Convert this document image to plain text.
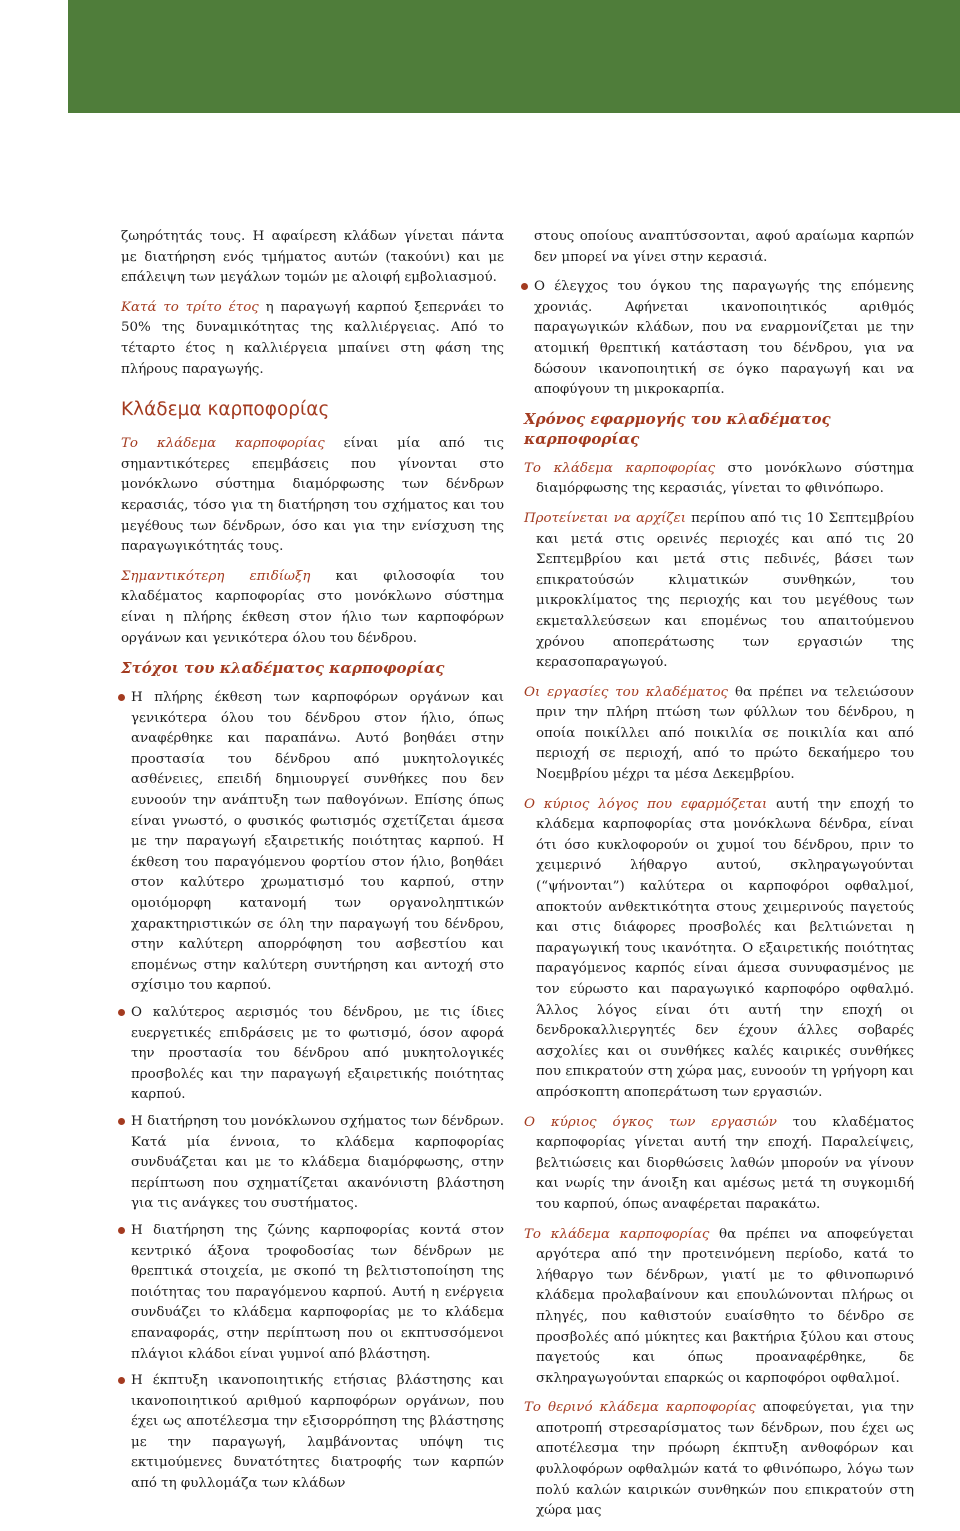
ζωηρότητάς τους. Η αφαίρεση κλάδων γίνεται πάντα με διατήρηση ενός τμήματος αυτών (τακούνι) και με επάλειψη των μεγάλων τομών με αλοιφή εμβολιασμού.

Κατά το τρίτο έτος η παραγωγή καρπού ξεπερνάει το 50% της δυναμικότητας της καλλιέργειας. Από το τέταρτο έτος η καλλιέργεια μπαίνει στη φάση της πλήρους παραγωγής.

Κλάδεμα καρποφορίας

Το κλάδεμα καρποφορίας είναι μία από τις σημαντικότερες επεμβάσεις που γίνονται στο μονόκλωνο σύστημα διαμόρφωσης των δένδρων κερασιάς, τόσο για τη διατήρηση του σχήματος και του μεγέθους των δένδρων, όσο και για την ενίσχυση της παραγωγικότητάς τους.

Σημαντικότερη επιδίωξη και φιλοσοφία του κλαδέματος καρποφορίας στο μονόκλωνο σύστημα είναι η πλήρης έκθεση στον ήλιο των καρποφόρων οργάνων και γενικότερα όλου του δένδρου.

Στόχοι του κλαδέματος καρποφορίας

Η πλήρης έκθεση των καρποφόρων οργάνων και γενικότερα όλου του δένδρου στον ήλιο, όπως αναφέρθηκε και παραπάνω. Αυτό βοηθάει στην προστασία του δένδρου από μυκητολογικές ασθένειες, επειδή δημιουργεί συνθήκες που δεν ευνοούν την ανάπτυξη των παθογόνων. Επίσης όπως είναι γνωστό, ο φυσικός φωτισμός σχετίζεται άμεσα με την παραγωγή εξαιρετικής ποιότητας καρπού. Η έκθεση του παραγόμενου φορτίου στον ήλιο, βοηθάει στον καλύτερο χρωματισμό του καρπού, στην ομοιόμορφη κατανομή των οργανοληπτικών χαρακτηριστικών σε όλη την παραγωγή του δένδρου, στην καλύτερη απορρόφηση του ασβεστίου και επομένως στην καλύτερη συντήρηση και αντοχή στο σχίσιμο του καρπού.

Ο καλύτερος αερισμός του δένδρου, με τις ίδιες ευεργετικές επιδράσεις με το φωτισμό, όσον αφορά την προστασία του δένδρου από μυκητολογικές προσβολές και την παραγωγή εξαιρετικής ποιότητας καρπού.

Η διατήρηση του μονόκλωνου σχήματος των δένδρων. Κατά μία έννοια, το κλάδεμα καρποφορίας συνδυάζεται και με το κλάδεμα διαμόρφωσης, στην περίπτωση που σχηματίζεται ακανόνιστη βλάστηση για τις ανάγκες του συστήματος.

Η διατήρηση της ζώνης καρποφορίας κοντά στον κεντρικό άξονα τροφοδοσίας των δένδρων με θρεπτικά στοιχεία, με σκοπό τη βελτιστοποίηση της ποιότητας του παραγόμενου καρπού. Αυτή η ενέργεια συνδυάζει το κλάδεμα καρποφορίας με το κλάδεμα επαναφοράς, στην περίπτωση που οι εκπτυσσόμενοι πλάγιοι κλάδοι είναι γυμνοί από βλάστηση.

Η έκπτυξη ικανοποιητικής ετήσιας βλάστησης και ικανοποιητικού αριθμού καρποφόρων οργάνων, που έχει ως αποτέλεσμα την εξισορρόπηση της βλάστησης με την παραγωγή, λαμβάνοντας υπόψη τις εκτιμούμενες δυνατότητες διατροφής των καρπών από τη φυλλομάζα των κλάδων

στους οποίους αναπτύσσονται, αφού αραίωμα καρπών δεν μπορεί να γίνει στην κερασιά.

Ο έλεγχος του όγκου της παραγωγής της επόμενης χρονιάς. Αφήνεται ικανοποιητικός αριθμός παραγωγικών κλάδων, που να εναρμονίζεται με την ατομική θρεπτική κατάσταση του δένδρου, για να δώσουν ικανοποιητική σε όγκο παραγωγή και να αποφύγουν τη μικροκαρπία.

Χρόνος εφαρμογής του κλαδέματος καρποφορίας

Το κλάδεμα καρποφορίας στο μονόκλωνο σύστημα διαμόρφωσης της κερασιάς, γίνεται το φθινόπωρο.

Προτείνεται να αρχίζει περίπου από τις 10 Σεπτεμβρίου και μετά στις ορεινές περιοχές και από τις 20 Σεπτεμβρίου και μετά στις πεδινές, βάσει των επικρατούσών κλιματικών συνθηκών, του μικροκλίματος της περιοχής και του μεγέθους των εκμεταλλεύσεων και επομένως του απαιτούμενου χρόνου αποπεράτωσης των εργασιών της κερασοπαραγωγού.

Οι εργασίες του κλαδέματος θα πρέπει να τελειώσουν πριν την πλήρη πτώση των φύλλων του δένδρου, η οποία ποικίλλει από ποικιλία σε ποικιλία και από περιοχή σε περιοχή, από το πρώτο δεκαήμερο του Νοεμβρίου μέχρι τα μέσα Δεκεμβρίου.

Ο κύριος λόγος που εφαρμόζεται αυτή την εποχή το κλάδεμα καρποφορίας στα μονόκλωνα δένδρα, είναι ότι όσο κυκλοφορούν οι χυμοί του δένδρου, πριν το χειμερινό λήθαργο αυτού, σκληραγωγούνται (“ψήνονται”) καλύτερα οι καρποφόροι οφθαλμοί, αποκτούν ανθεκτικότητα στους χειμερινούς παγετούς και στις διάφορες προσβολές και βελτιώνεται η παραγωγική τους ικανότητα. Ο εξαιρετικής ποιότητας παραγόμενος καρπός είναι άμεσα συνυφασμένος με τον εύρωστο και παραγωγικό καρποφόρο οφθαλμό. Άλλος λόγος είναι ότι αυτή την εποχή οι δενδροκαλλιεργητές δεν έχουν άλλες σοβαρές ασχολίες και οι συνθήκες καλές καιρικές συνθήκες που επικρατούν στη χώρα μας, ευνοούν τη γρήγορη και απρόσκοπτη αποπεράτωση των εργασιών.

Ο κύριος όγκος των εργασιών του κλαδέματος καρποφορίας γίνεται αυτή την εποχή. Παραλείψεις, βελτιώσεις και διορθώσεις λαθών μπορούν να γίνουν και νωρίς την άνοιξη και αμέσως μετά τη συγκομιδή του καρπού, όπως αναφέρεται παρακάτω.

Το κλάδεμα καρποφορίας θα πρέπει να αποφεύγεται αργότερα από την προτεινόμενη περίοδο, κατά το λήθαργο των δένδρων, γιατί με το φθινοπωρινό κλάδεμα προλαβαίνουν και επουλώνονται πλήρως οι πληγές, που καθιστούν ευαίσθητο το δένδρο σε προσβολές από μύκητες και βακτήρια ξύλου και στους παγετούς και όπως προαναφέρθηκε, δε σκληραγωγούνται επαρκώς οι καρποφόροι οφθαλμοί.

Το θερινό κλάδεμα καρποφορίας αποφεύγεται, για την αποτροπή στρεσαρίσματος των δένδρων, που έχει ως αποτέλεσμα την πρόωρη έκπτυξη ανθοφόρων και φυλλοφόρων οφθαλμών κατά το φθινόπωρο, λόγω των πολύ καλών καιρικών συνθηκών που επικρατούν στη χώρα μας
